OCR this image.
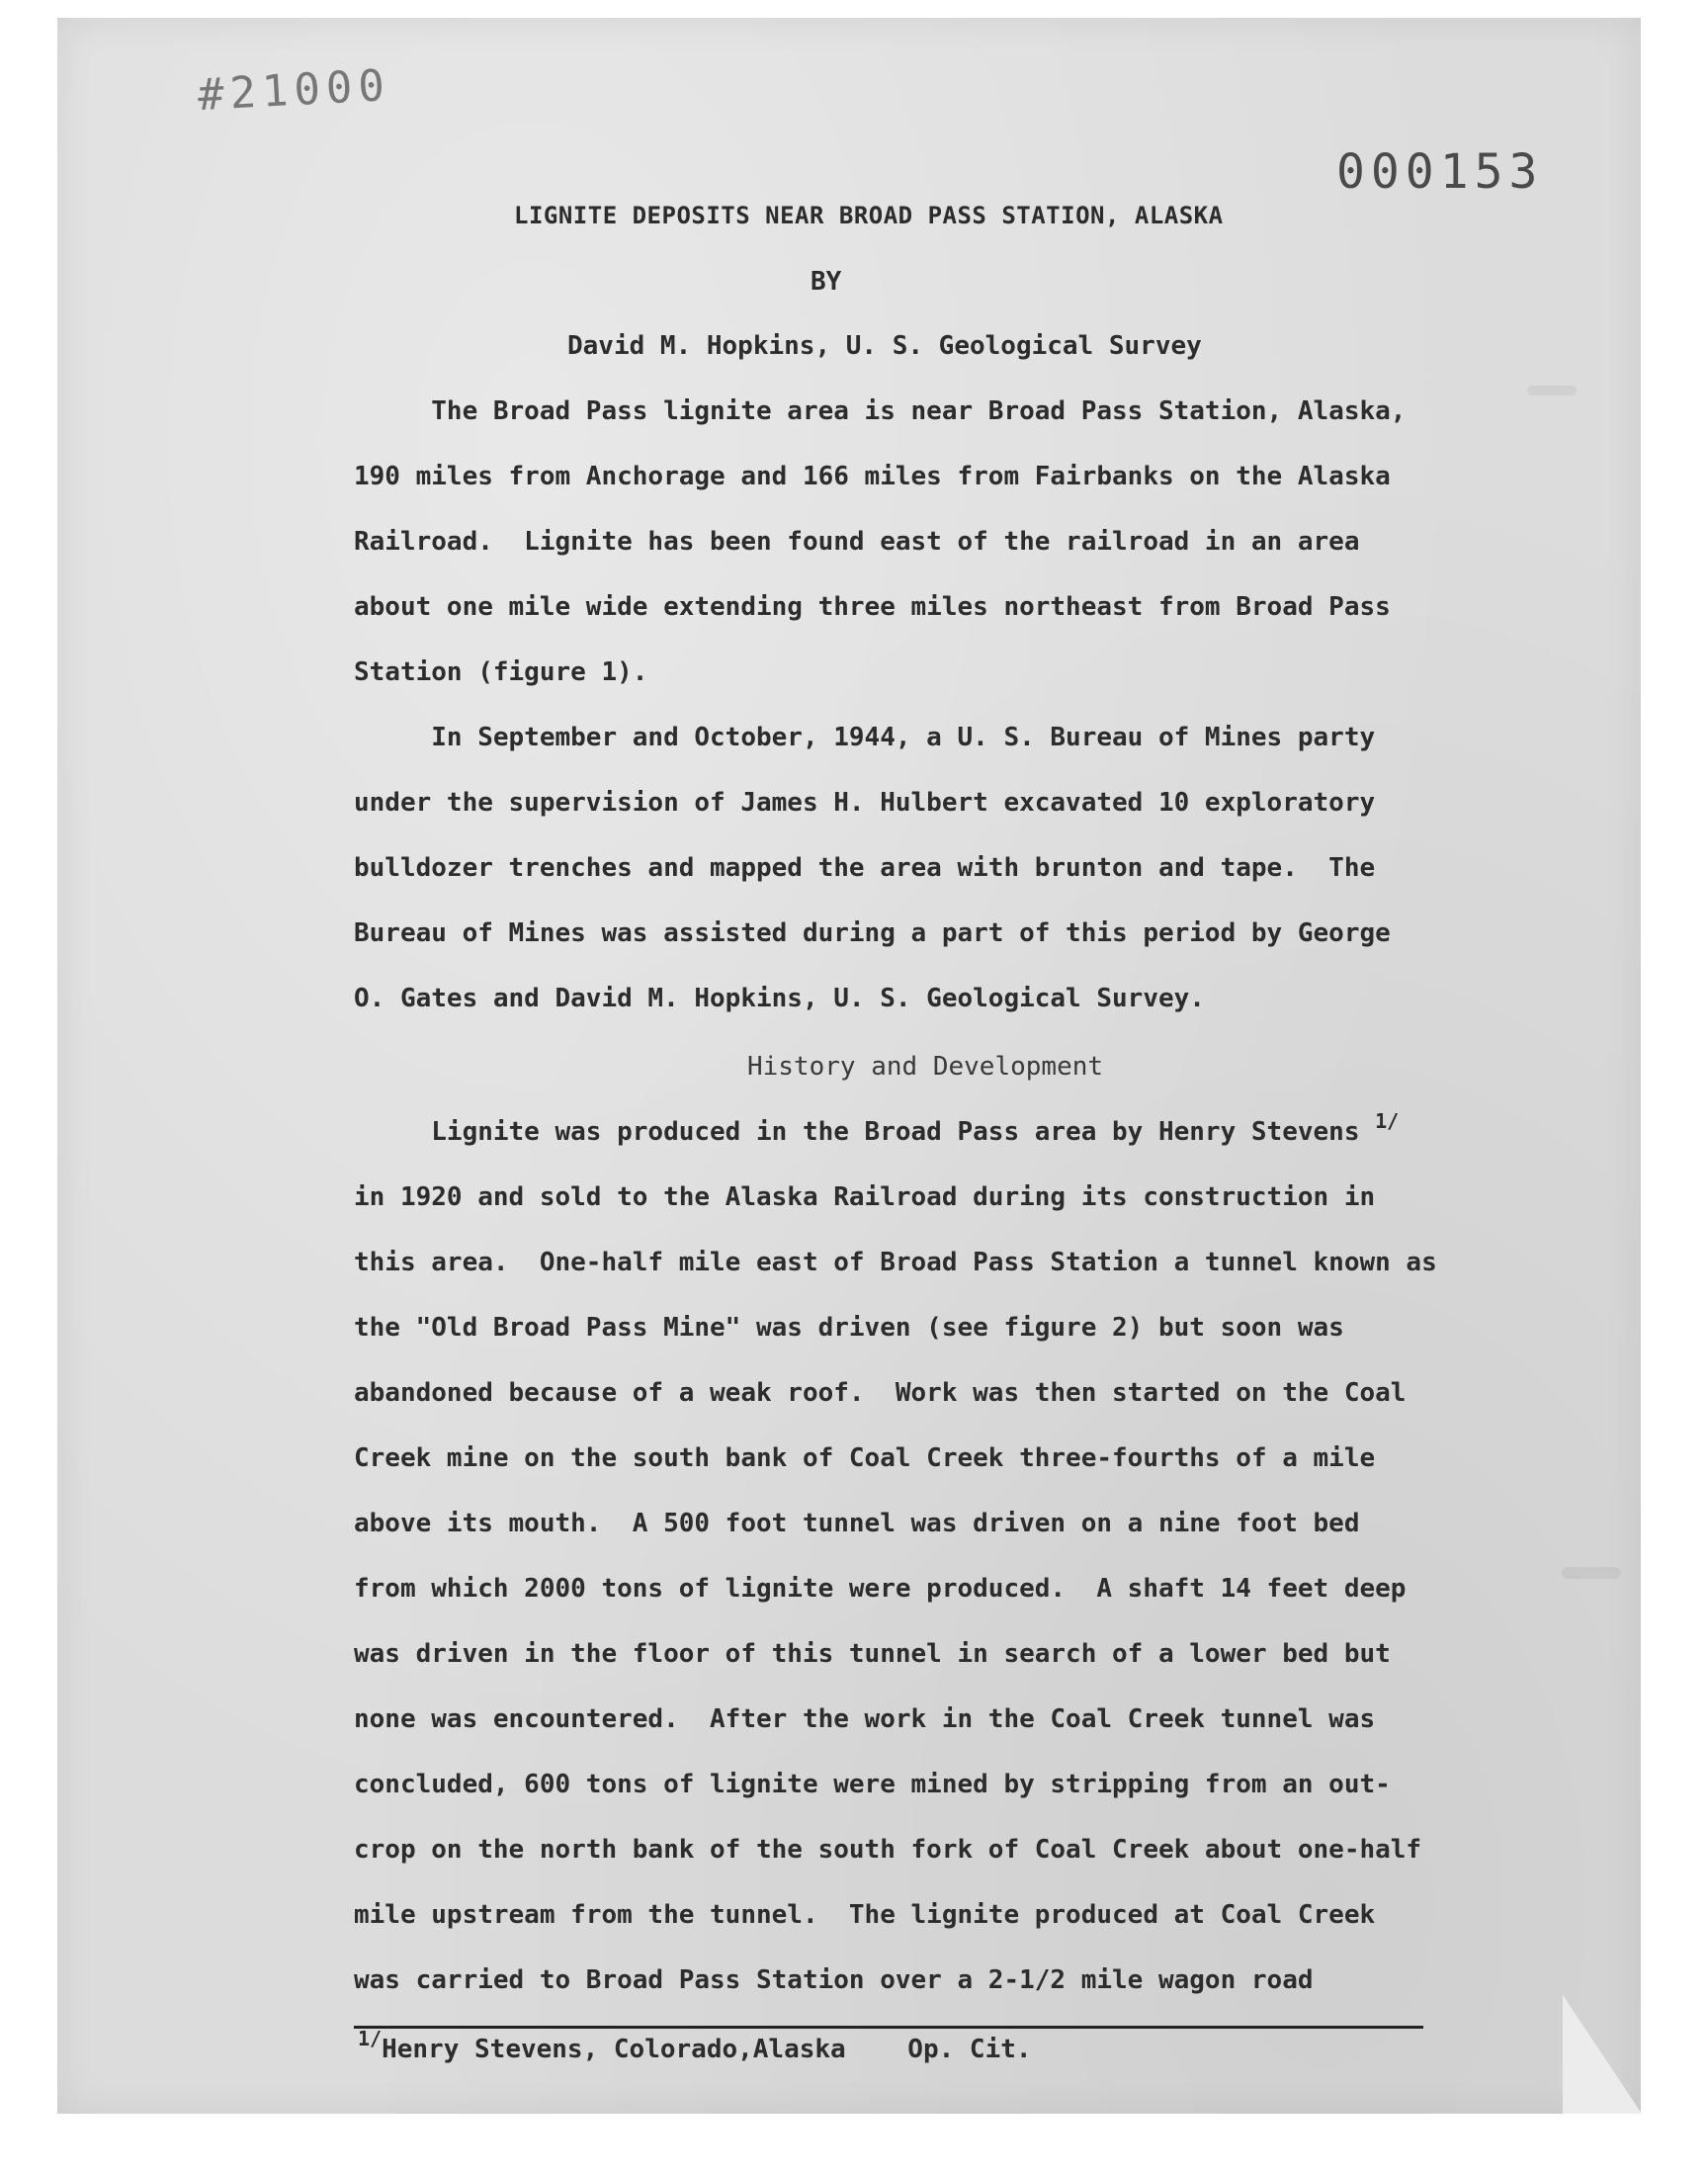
#21000
000153
LIGNITE DEPOSITS NEAR BROAD PASS STATION, ALASKA
BY
David M. Hopkins, U. S. Geological Survey
The Broad Pass lignite area is near Broad Pass Station, Alaska,
190 miles from Anchorage and 166 miles from Fairbanks on the Alaska
Railroad.  Lignite has been found east of the railroad in an area
about one mile wide extending three miles northeast from Broad Pass
Station (figure 1).
In September and October, 1944, a U. S. Bureau of Mines party
under the supervision of James H. Hulbert excavated 10 exploratory
bulldozer trenches and mapped the area with brunton and tape.  The
Bureau of Mines was assisted during a part of this period by George
O. Gates and David M. Hopkins, U. S. Geological Survey.
History and Development
Lignite was produced in the Broad Pass area by Henry Stevens $^{1/}$
in 1920 and sold to the Alaska Railroad during its construction in
this area.  One-half mile east of Broad Pass Station a tunnel known as
the "Old Broad Pass Mine" was driven (see figure 2) but soon was
abandoned because of a weak roof.  Work was then started on the Coal
Creek mine on the south bank of Coal Creek three-fourths of a mile
above its mouth.  A 500 foot tunnel was driven on a nine foot bed
from which 2000 tons of lignite were produced.  A shaft 14 feet deep
was driven in the floor of this tunnel in search of a lower bed but
none was encountered.  After the work in the Coal Creek tunnel was
concluded, 600 tons of lignite were mined by stripping from an out-
crop on the north bank of the south fork of Coal Creek about one-half
mile upstream from the tunnel.  The lignite produced at Coal Creek
was carried to Broad Pass Station over a 2-1/2 mile wagon road
$^{1/}$Henry Stevens, Colorado,Alaska    Op. Cit.
